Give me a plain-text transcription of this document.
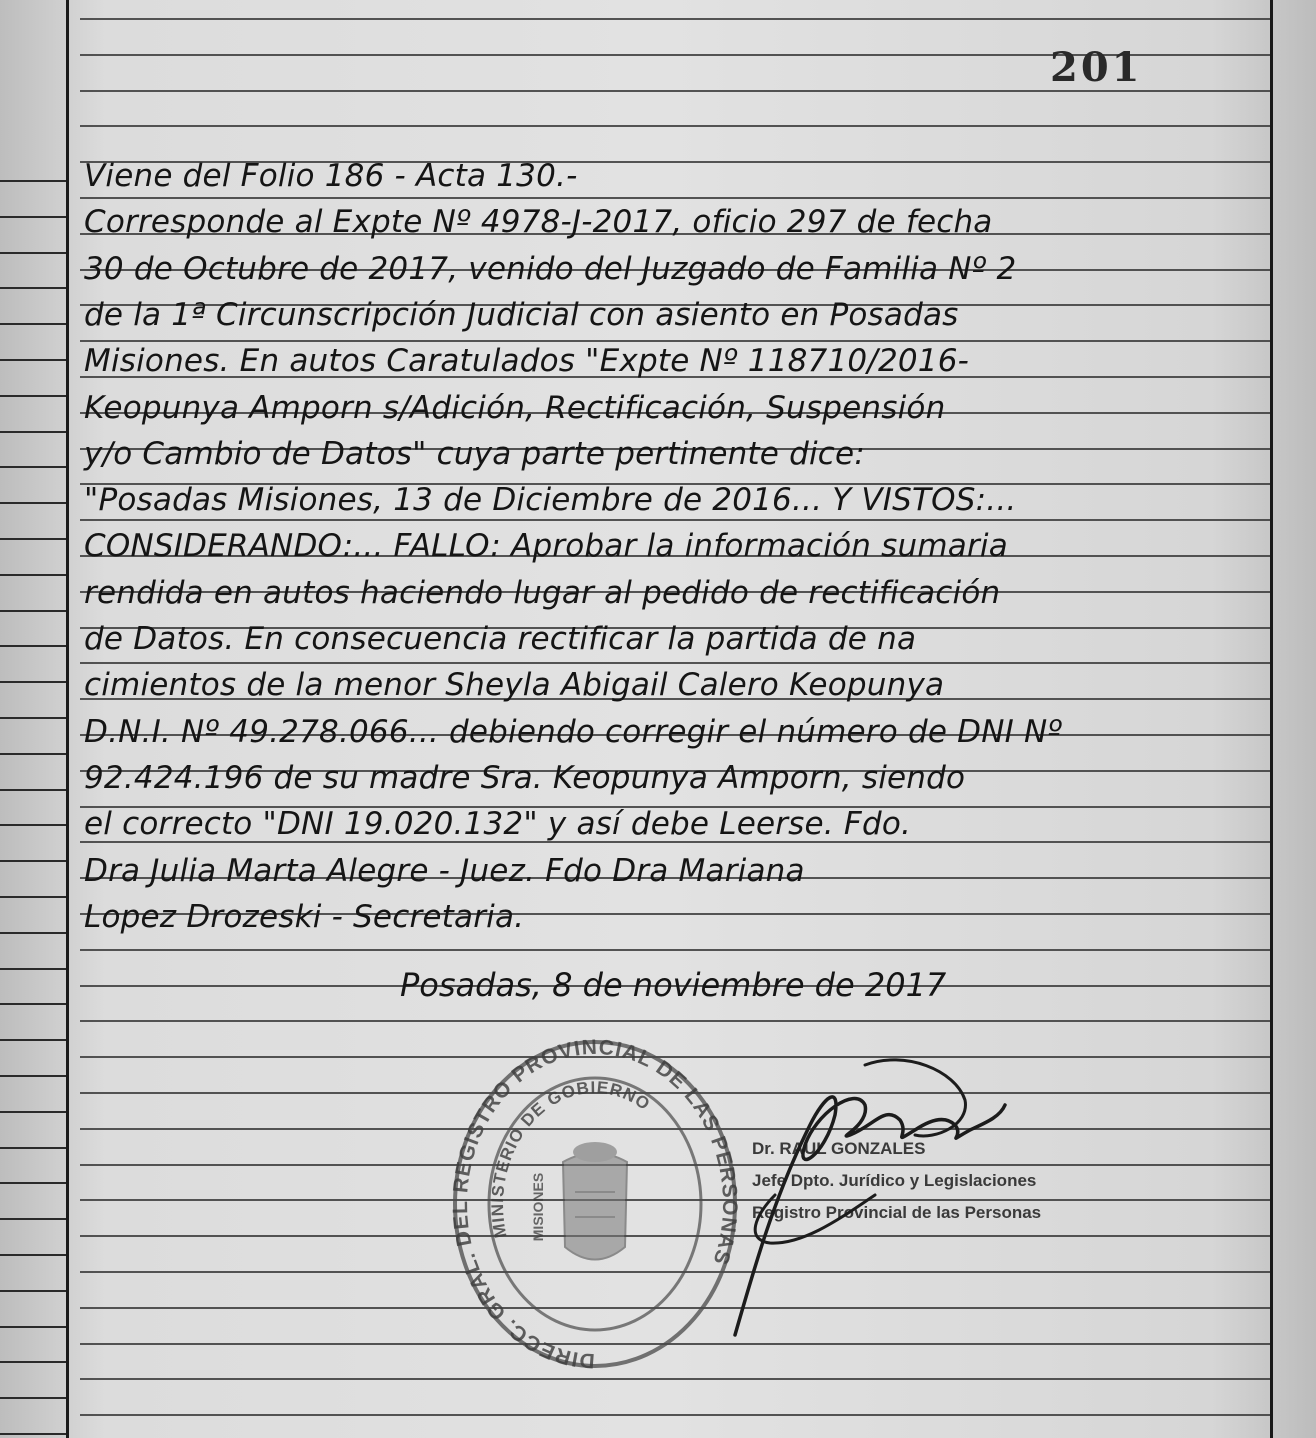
201
Viene del Folio 186 - Acta 130.-
Corresponde al Expte Nº 4978-J-2017, oficio 297 de fecha
30 de Octubre de 2017, venido del Juzgado de Familia Nº 2
de la 1ª Circunscripción Judicial con asiento en Posadas
Misiones. En autos Caratulados "Expte Nº 118710/2016-
Keopunya Amporn s/Adición, Rectificación, Suspensión
y/o Cambio de Datos" cuya parte pertinente dice:
"Posadas Misiones, 13 de Diciembre de 2016... Y VISTOS:...
CONSIDERANDO:... FALLO: Aprobar la información sumaria
rendida en autos haciendo lugar al pedido de rectificación
de Datos. En consecuencia rectificar la partida de na
cimientos de la menor Sheyla Abigail Calero Keopunya
D.N.I. Nº 49.278.066... debiendo corregir el número de DNI Nº
92.424.196 de su madre Sra. Keopunya Amporn, siendo
el correcto "DNI 19.020.132" y así debe Leerse. Fdo.
Dra Julia Marta Alegre - Juez. Fdo Dra Mariana
Lopez Drozeski - Secretaria.
Posadas, 8 de noviembre de 2017
DIRECC. GRAL. DEL REGISTRO PROVINCIAL DE LAS PERSONAS
MINISTERIO DE GOBIERNO
MISIONES
Dr. RAUL GONZALES
Jefe Dpto. Jurídico y Legislaciones
Registro Provincial de las Personas
